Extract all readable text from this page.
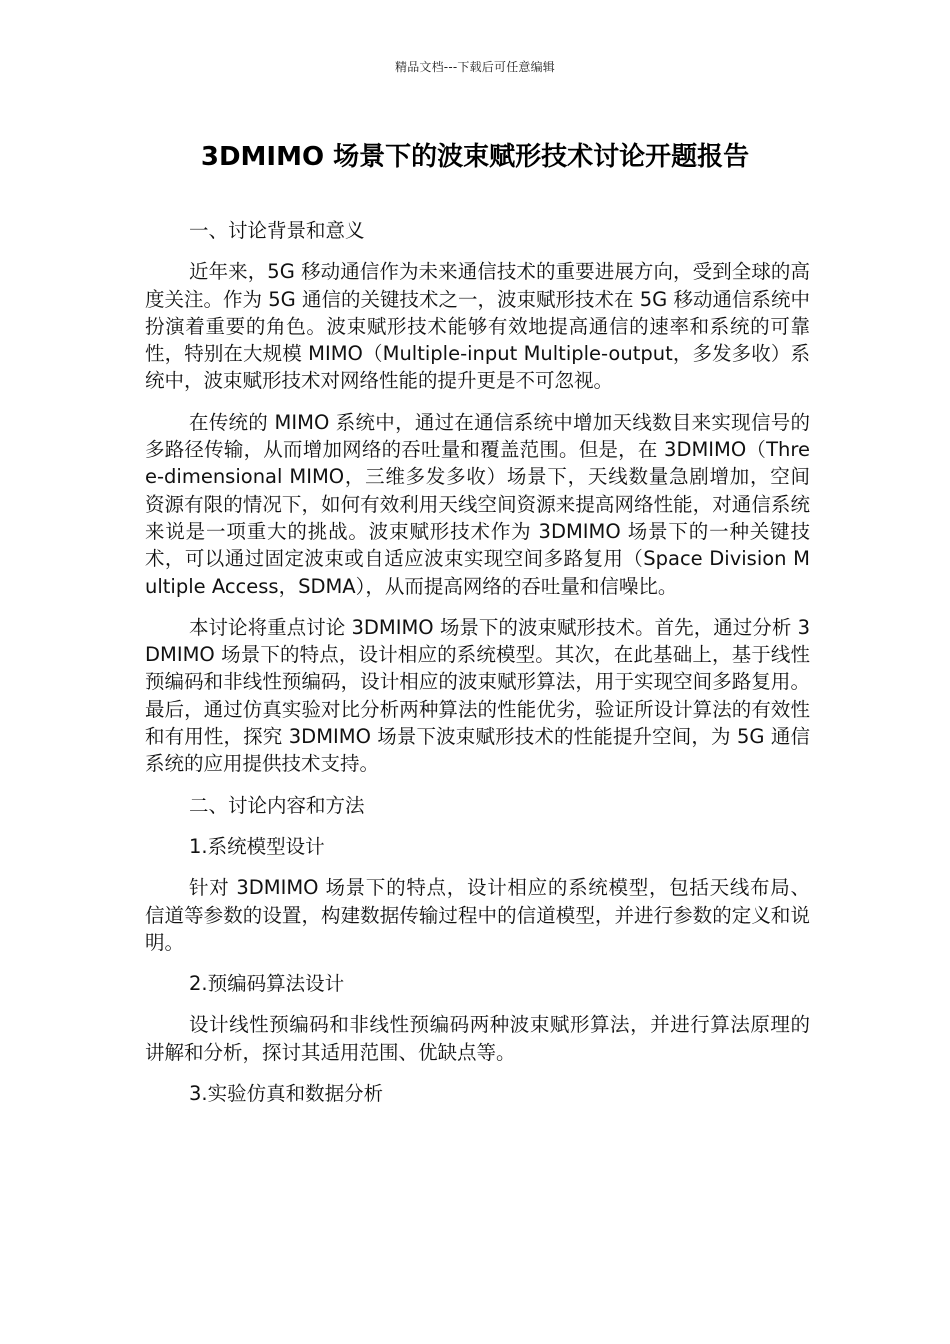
精品文档---下载后可任意编辑
3DMIMO 场景下的波束赋形技术讨论开题报告

一、讨论背景和意义

近年来，5G 移动通信作为未来通信技术的重要进展方向，受到全球的高度关注。作为 5G 通信的关键技术之一，波束赋形技术在 5G 移动通信系统中扮演着重要的角色。波束赋形技术能够有效地提高通信的速率和系统的可靠性，特别在大规模 MIMO（Multiple-input Multiple-output，多发多收）系统中，波束赋形技术对网络性能的提升更是不可忽视。

在传统的 MIMO 系统中，通过在通信系统中增加天线数目来实现信号的多路径传输，从而增加网络的吞吐量和覆盖范围。但是，在 3DMIMO（Three-dimensional MIMO，三维多发多收）场景下，天线数量急剧增加，空间资源有限的情况下，如何有效利用天线空间资源来提高网络性能，对通信系统来说是一项重大的挑战。波束赋形技术作为 3DMIMO 场景下的一种关键技术，可以通过固定波束或自适应波束实现空间多路复用（Space Division Multiple Access，SDMA），从而提高网络的吞吐量和信噪比。

本讨论将重点讨论 3DMIMO 场景下的波束赋形技术。首先，通过分析 3DMIMO 场景下的特点，设计相应的系统模型。其次，在此基础上，基于线性预编码和非线性预编码，设计相应的波束赋形算法，用于实现空间多路复用。最后，通过仿真实验对比分析两种算法的性能优劣，验证所设计算法的有效性和有用性，探究 3DMIMO 场景下波束赋形技术的性能提升空间，为 5G 通信系统的应用提供技术支持。

二、讨论内容和方法

1.系统模型设计

针对 3DMIMO 场景下的特点，设计相应的系统模型，包括天线布局、信道等参数的设置，构建数据传输过程中的信道模型，并进行参数的定义和说明。

2.预编码算法设计

设计线性预编码和非线性预编码两种波束赋形算法，并进行算法原理的讲解和分析，探讨其适用范围、优缺点等。

3.实验仿真和数据分析
